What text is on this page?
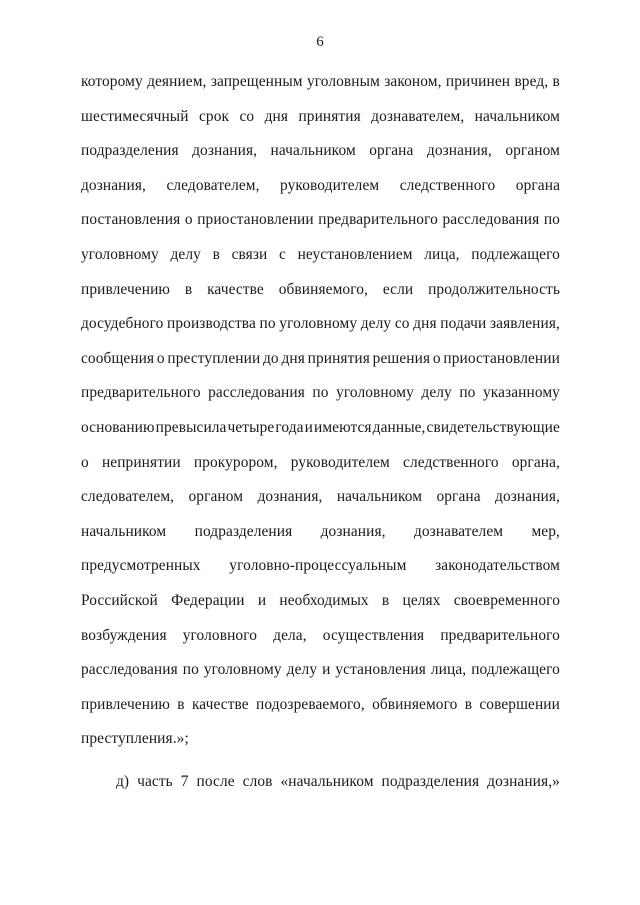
6
которому деянием, запрещенным уголовным законом, причинен вред, в
шестимесячный срок со дня принятия дознавателем, начальником
подразделения дознания, начальником органа дознания, органом
дознания, следователем, руководителем следственного органа
постановления о приостановлении предварительного расследования по
уголовному делу в связи с неустановлением лица, подлежащего
привлечению в качестве обвиняемого, если продолжительность
досудебного производства по уголовному делу со дня подачи заявления,
сообщения о преступлении до дня принятия решения о приостановлении
предварительного расследования по уголовному делу по указанному
основанию превысила четыре года и имеются данные, свидетельствующие
о непринятии прокурором, руководителем следственного органа,
следователем, органом дознания, начальником органа дознания,
начальником подразделения дознания, дознавателем мер,
предусмотренных уголовно-процессуальным законодательством
Российской Федерации и необходимых в целях своевременного
возбуждения уголовного дела, осуществления предварительного
расследования по уголовному делу и установления лица, подлежащего
привлечению в качестве подозреваемого, обвиняемого в совершении
преступления.»;
д) часть 7 после слов «начальником подразделения дознания,»
